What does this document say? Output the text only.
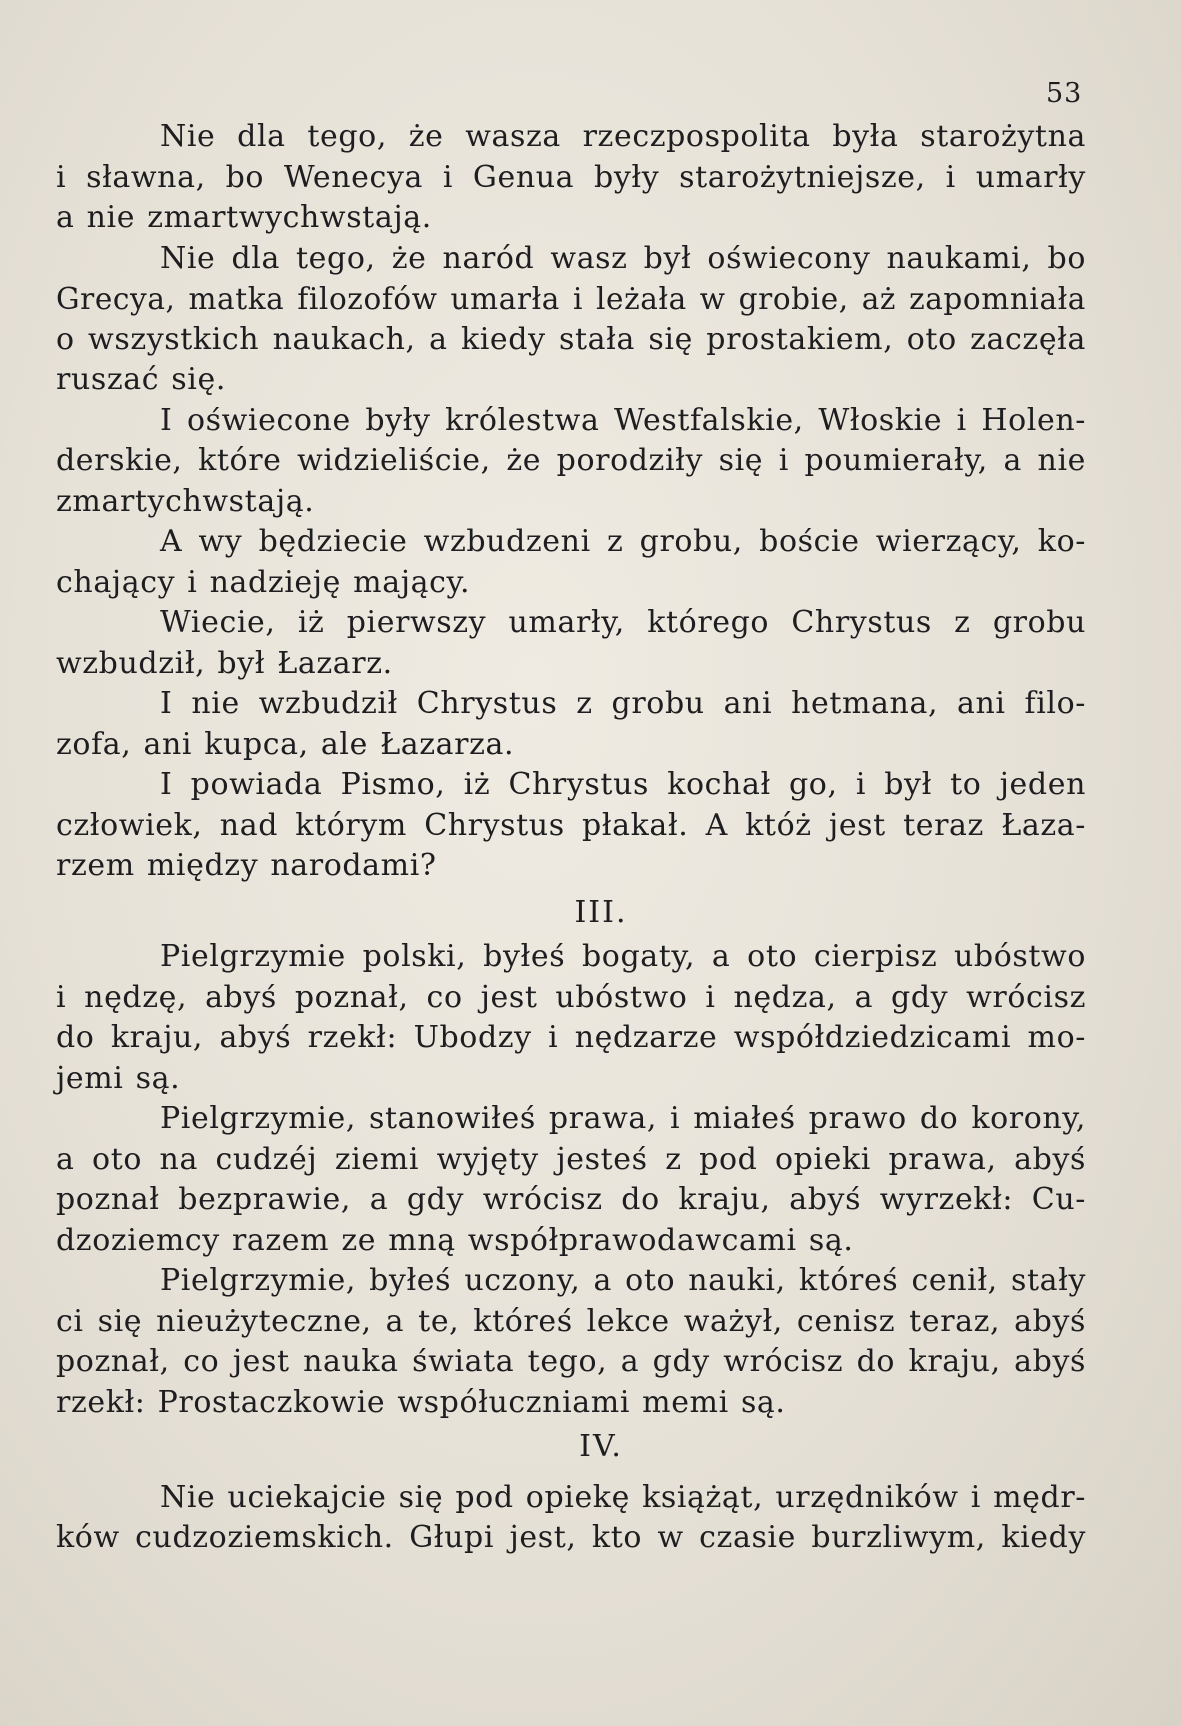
53
Nie dla tego, że wasza rzeczpospolita była starożytna
i sławna, bo Wenecya i Genua były starożytniejsze, i umarły
a nie zmartwychwstają.
Nie dla tego, że naród wasz był oświecony naukami, bo
Grecya, matka filozofów umarła i leżała w grobie, aż zapomniała
o wszystkich naukach, a kiedy stała się prostakiem, oto zaczęła
ruszać się.
I oświecone były królestwa Westfalskie, Włoskie i Holen-
derskie, które widzieliście, że porodziły się i poumierały, a nie
zmartychwstają.
A wy będziecie wzbudzeni z grobu, boście wierzący, ko-
chający i nadzieję mający.
Wiecie, iż pierwszy umarły, którego Chrystus z grobu
wzbudził, był Łazarz.
I nie wzbudził Chrystus z grobu ani hetmana, ani filo-
zofa, ani kupca, ale Łazarza.
I powiada Pismo, iż Chrystus kochał go, i był to jeden
człowiek, nad którym Chrystus płakał. A któż jest teraz Łaza-
rzem między narodami?
III.
Pielgrzymie polski, byłeś bogaty, a oto cierpisz ubóstwo
i nędzę, abyś poznał, co jest ubóstwo i nędza, a gdy wrócisz
do kraju, abyś rzekł: Ubodzy i nędzarze współdziedzicami mo-
jemi są.
Pielgrzymie, stanowiłeś prawa, i miałeś prawo do korony,
a oto na cudzéj ziemi wyjęty jesteś z pod opieki prawa, abyś
poznał bezprawie, a gdy wrócisz do kraju, abyś wyrzekł: Cu-
dzoziemcy razem ze mną współprawodawcami są.
Pielgrzymie, byłeś uczony, a oto nauki, któreś cenił, stały
ci się nieużyteczne, a te, któreś lekce ważył, cenisz teraz, abyś
poznał, co jest nauka świata tego, a gdy wrócisz do kraju, abyś
rzekł: Prostaczkowie współuczniami memi są.
IV.
Nie uciekajcie się pod opiekę książąt, urzędników i mędr-
ków cudzoziemskich. Głupi jest, kto w czasie burzliwym, kiedy
